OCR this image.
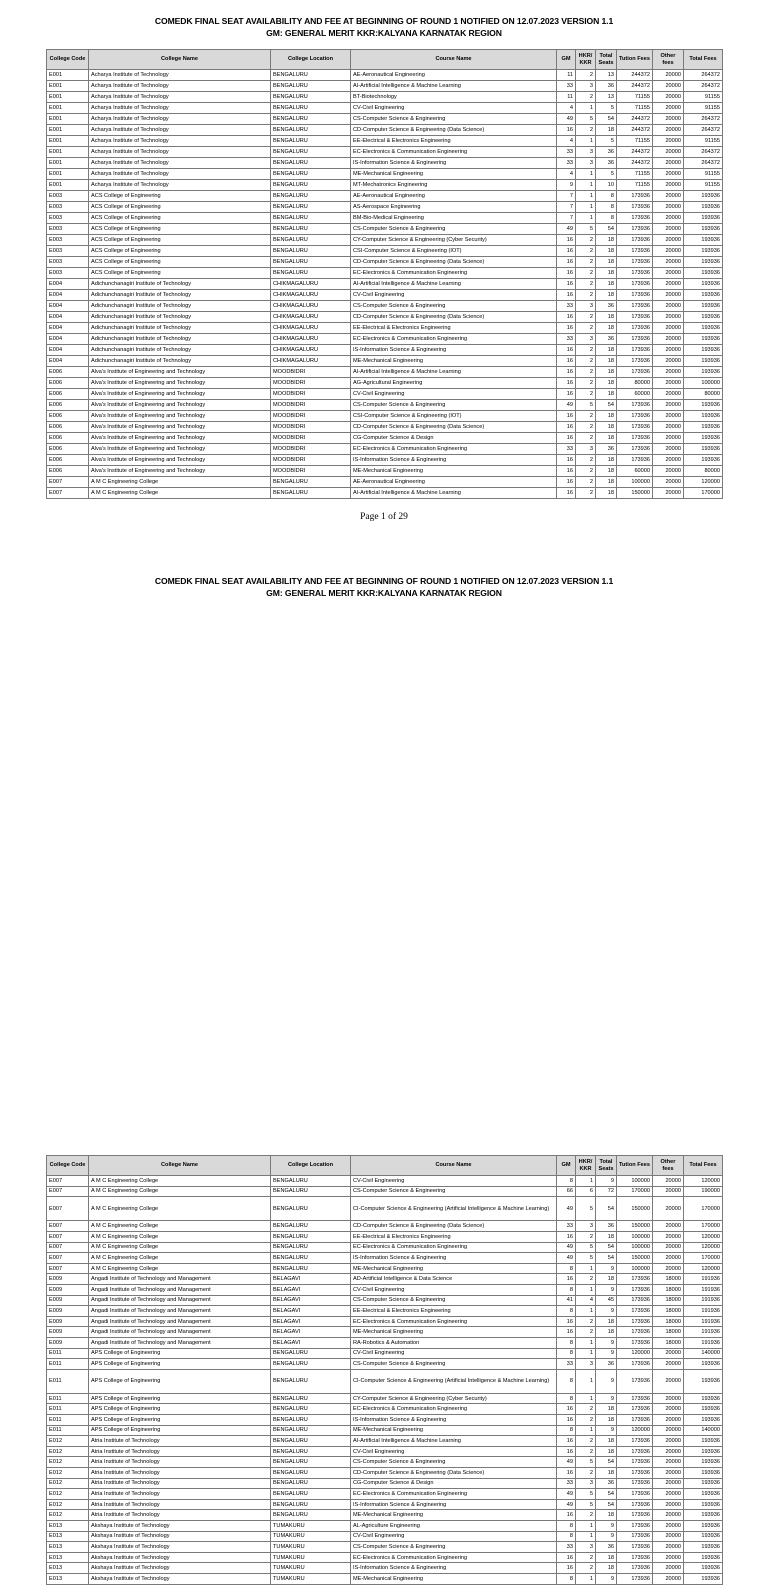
COMEDK FINAL SEAT AVAILABILITY AND FEE AT BEGINNING OF ROUND 1 NOTIFIED ON 12.07.2023 VERSION 1.1
GM: GENERAL MERIT KKR:KALYANA KARNATAK REGION
College Code	College Name	College Location	Course Name	GM	HKR/ KKR	Total Seats	Tution Fees	Other fees	Total Fees
E001	Acharya Institute of Technology	BENGALURU	AE-Aeronautical Engineering	11	2	13	244372	20000	264372
E001	Acharya Institute of Technology	BENGALURU	AI-Artificial Intelligence & Machine Learning	33	3	36	244372	20000	264372
E001	Acharya Institute of Technology	BENGALURU	BT-Biotechnology	11	2	13	71155	20000	91155
E001	Acharya Institute of Technology	BENGALURU	CV-Civil Engineering	4	1	5	71155	20000	91155
E001	Acharya Institute of Technology	BENGALURU	CS-Computer Science & Engineering	49	5	54	244372	20000	264372
E001	Acharya Institute of Technology	BENGALURU	CD-Computer Science & Engineering (Data Science)	16	2	18	244372	20000	264372
E001	Acharya Institute of Technology	BENGALURU	EE-Electrical & Electronics Engineering	4	1	5	71155	20000	91155
E001	Acharya Institute of Technology	BENGALURU	EC-Electronics & Communication Engineering	33	3	36	244372	20000	264372
E001	Acharya Institute of Technology	BENGALURU	IS-Information Science & Engineering	33	3	36	244372	20000	264372
E001	Acharya Institute of Technology	BENGALURU	ME-Mechanical Engineering	4	1	5	71155	20000	91155
E001	Acharya Institute of Technology	BENGALURU	MT-Mechatronics Engineering	9	1	10	71155	20000	91155
E003	ACS College of Engineering	BENGALURU	AE-Aeronautical Engineering	7	1	8	173936	20000	193936
E003	ACS College of Engineering	BENGALURU	AS-Aerospace Engineering	7	1	8	173936	20000	193936
E003	ACS College of Engineering	BENGALURU	BM-Bio-Medical Engineering	7	1	8	173936	20000	193936
E003	ACS College of Engineering	BENGALURU	CS-Computer Science & Engineering	49	5	54	173936	20000	193936
E003	ACS College of Engineering	BENGALURU	CY-Computer Science & Engineering (Cyber Security)	16	2	18	173936	20000	193936
E003	ACS College of Engineering	BENGALURU	CSI-Computer Science & Engineering (IOT)	16	2	18	173936	20000	193936
E003	ACS College of Engineering	BENGALURU	CD-Computer Science & Engineering (Data Science)	16	2	18	173936	20000	193936
E003	ACS College of Engineering	BENGALURU	EC-Electronics & Communication Engineering	16	2	18	173936	20000	193936
E004	Adichunchanagiri Institute of Technology	CHIKMAGALURU	AI-Artificial Intelligence & Machine Learning	16	2	18	173936	20000	193936
E004	Adichunchanagiri Institute of Technology	CHIKMAGALURU	CV-Civil Engineering	16	2	18	173936	20000	193936
E004	Adichunchanagiri Institute of Technology	CHIKMAGALURU	CS-Computer Science & Engineering	33	3	36	173936	20000	193936
E004	Adichunchanagiri Institute of Technology	CHIKMAGALURU	CD-Computer Science & Engineering (Data Science)	16	2	18	173936	20000	193936
E004	Adichunchanagiri Institute of Technology	CHIKMAGALURU	EE-Electrical & Electronics Engineering	16	2	18	173936	20000	193936
E004	Adichunchanagiri Institute of Technology	CHIKMAGALURU	EC-Electronics & Communication Engineering	33	3	36	173936	20000	193936
E004	Adichunchanagiri Institute of Technology	CHIKMAGALURU	IS-Information Science & Engineering	16	2	18	173936	20000	193936
E004	Adichunchanagiri Institute of Technology	CHIKMAGALURU	ME-Mechanical Engineering	16	2	18	173936	20000	193936
E006	Alva's Institute of Engineering and Technology	MOODBIDRI	AI-Artificial Intelligence & Machine Learning	16	2	18	173936	20000	193936
E006	Alva's Institute of Engineering and Technology	MOODBIDRI	AG-Agricultural Engineering	16	2	18	80000	20000	100000
E006	Alva's Institute of Engineering and Technology	MOODBIDRI	CV-Civil Engineering	16	2	18	60000	20000	80000
E006	Alva's Institute of Engineering and Technology	MOODBIDRI	CS-Computer Science & Engineering	49	5	54	173936	20000	193936
E006	Alva's Institute of Engineering and Technology	MOODBIDRI	CSI-Computer Science & Engineering (IOT)	16	2	18	173936	20000	193936
E006	Alva's Institute of Engineering and Technology	MOODBIDRI	CD-Computer Science & Engineering (Data Science)	16	2	18	173936	20000	193936
E006	Alva's Institute of Engineering and Technology	MOODBIDRI	CG-Computer Science & Design	16	2	18	173936	20000	193936
E006	Alva's Institute of Engineering and Technology	MOODBIDRI	EC-Electronics & Communication Engineering	33	3	36	173936	20000	193936
E006	Alva's Institute of Engineering and Technology	MOODBIDRI	IS-Information Science & Engineering	16	2	18	173936	20000	193936
E006	Alva's Institute of Engineering and Technology	MOODBIDRI	ME-Mechanical Engineering	16	2	18	60000	20000	80000
E007	A M C Engineering College	BENGALURU	AE-Aeronautical Engineering	16	2	18	100000	20000	120000
E007	A M C Engineering College	BENGALURU	AI-Artificial Intelligence & Machine Learning	16	2	18	150000	20000	170000
Page 1 of 29
COMEDK FINAL SEAT AVAILABILITY AND FEE AT BEGINNING OF ROUND 1 NOTIFIED ON 12.07.2023 VERSION 1.1
GM: GENERAL MERIT KKR:KALYANA KARNATAK REGION
College Code	College Name	College Location	Course Name	GM	HKR/ KKR	Total Seats	Tution Fees	Other fees	Total Fees
E007	A M C Engineering College	BENGALURU	CV-Civil Engineering	8	1	9	100000	20000	120000
E007	A M C Engineering College	BENGALURU	CS-Computer Science & Engineering	66	6	72	170000	20000	190000
E007	A M C Engineering College	BENGALURU	CI-Computer Science & Engineering (Artificial Intelligence & Machine Learning)	49	5	54	150000	20000	170000
E007	A M C Engineering College	BENGALURU	CD-Computer Science & Engineering (Data Science)	33	3	36	150000	20000	170000
E007	A M C Engineering College	BENGALURU	EE-Electrical & Electronics Engineering	16	2	18	100000	20000	120000
E007	A M C Engineering College	BENGALURU	EC-Electronics & Communication Engineering	49	5	54	100000	20000	120000
E007	A M C Engineering College	BENGALURU	IS-Information Science & Engineering	49	5	54	150000	20000	170000
E007	A M C Engineering College	BENGALURU	ME-Mechanical Engineering	8	1	9	100000	20000	120000
E009	Angadi Institute of Technology and Management	BELAGAVI	AD-Artificial Intelligence & Data Science	16	2	18	173936	18000	191936
E009	Angadi Institute of Technology and Management	BELAGAVI	CV-Civil Engineering	8	1	9	173936	18000	191936
E009	Angadi Institute of Technology and Management	BELAGAVI	CS-Computer Science & Engineering	41	4	45	173936	18000	191936
E009	Angadi Institute of Technology and Management	BELAGAVI	EE-Electrical & Electronics Engineering	8	1	9	173936	18000	191936
E009	Angadi Institute of Technology and Management	BELAGAVI	EC-Electronics & Communication Engineering	16	2	18	173936	18000	191936
E009	Angadi Institute of Technology and Management	BELAGAVI	ME-Mechanical Engineering	16	2	18	173936	18000	191936
E009	Angadi Institute of Technology and Management	BELAGAVI	RA-Robotics & Automation	8	1	9	173936	18000	191936
E011	APS College of Engineering	BENGALURU	CV-Civil Engineering	8	1	9	120000	20000	140000
E011	APS College of Engineering	BENGALURU	CS-Computer Science & Engineering	33	3	36	173936	20000	193936
E011	APS College of Engineering	BENGALURU	CI-Computer Science & Engineering (Artificial Intelligence & Machine Learning)	8	1	9	173936	20000	193936
E011	APS College of Engineering	BENGALURU	CY-Computer Science & Engineering (Cyber Security)	8	1	9	173936	20000	193936
E011	APS College of Engineering	BENGALURU	EC-Electronics & Communication Engineering	16	2	18	173936	20000	193936
E011	APS College of Engineering	BENGALURU	IS-Information Science & Engineering	16	2	18	173936	20000	193936
E011	APS College of Engineering	BENGALURU	ME-Mechanical Engineering	8	1	9	120000	20000	140000
E012	Atria Institute of Technology	BENGALURU	AI-Artificial Intelligence & Machine Learning	16	2	18	173936	20000	193936
E012	Atria Institute of Technology	BENGALURU	CV-Civil Engineering	16	2	18	173936	20000	193936
E012	Atria Institute of Technology	BENGALURU	CS-Computer Science & Engineering	49	5	54	173936	20000	193936
E012	Atria Institute of Technology	BENGALURU	CD-Computer Science & Engineering (Data Science)	16	2	18	173936	20000	193936
E012	Atria Institute of Technology	BENGALURU	CG-Computer Science & Design	33	3	36	173936	20000	193936
E012	Atria Institute of Technology	BENGALURU	EC-Electronics & Communication Engineering	49	5	54	173936	20000	193936
E012	Atria Institute of Technology	BENGALURU	IS-Information Science & Engineering	49	5	54	173936	20000	193936
E012	Atria Institute of Technology	BENGALURU	ME-Mechanical Engineering	16	2	18	173936	20000	193936
E013	Akshaya Institute of Technology	TUMAKURU	AL-Agriculture Engineering	8	1	9	173936	20000	193936
E013	Akshaya Institute of Technology	TUMAKURU	CV-Civil Engineering	8	1	9	173936	20000	193936
E013	Akshaya Institute of Technology	TUMAKURU	CS-Computer Science & Engineering	33	3	36	173936	20000	193936
E013	Akshaya Institute of Technology	TUMAKURU	EC-Electronics & Communication Engineering	16	2	18	173936	20000	193936
E013	Akshaya Institute of Technology	TUMAKURU	IS-Information Science & Engineering	16	2	18	173936	20000	193936
E013	Akshaya Institute of Technology	TUMAKURU	ME-Mechanical Engineering	8	1	9	173936	20000	193936
